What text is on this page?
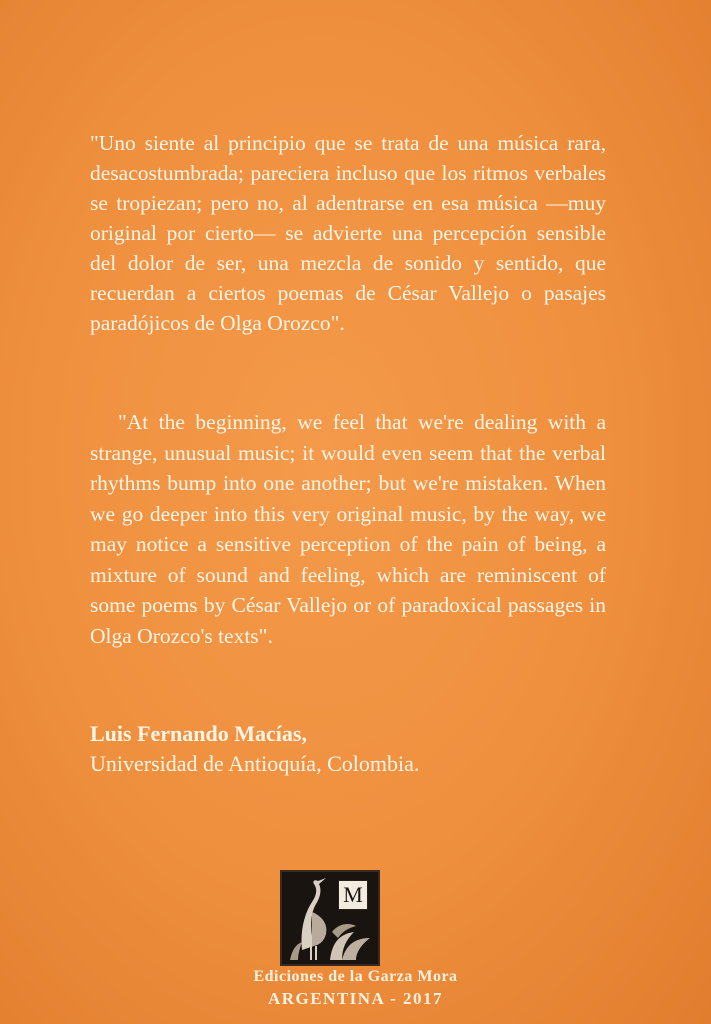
"Uno siente al principio que se trata de una música rara, desacostumbrada; pareciera incluso que los ritmos verbales se tropiezan; pero no, al adentrarse en esa música —muy original por cierto— se advierte una percepción sensible del dolor de ser, una mezcla de sonido y sentido, que recuerdan a ciertos poemas de César Vallejo o pasajes paradójicos de Olga Orozco".

"At the beginning, we feel that we're dealing with a strange, unusual music; it would even seem that the verbal rhythms bump into one another; but we're mistaken. When we go deeper into this very original music, by the way, we may notice a sensitive perception of the pain of being, a mixture of sound and feeling, which are reminiscent of some poems by César Vallejo or of paradoxical passages in Olga Orozco's texts".

Luis Fernando Macías,
Universidad de Antioquía, Colombia.
M
Ediciones de la Garza Mora
ARGENTINA - 2017
